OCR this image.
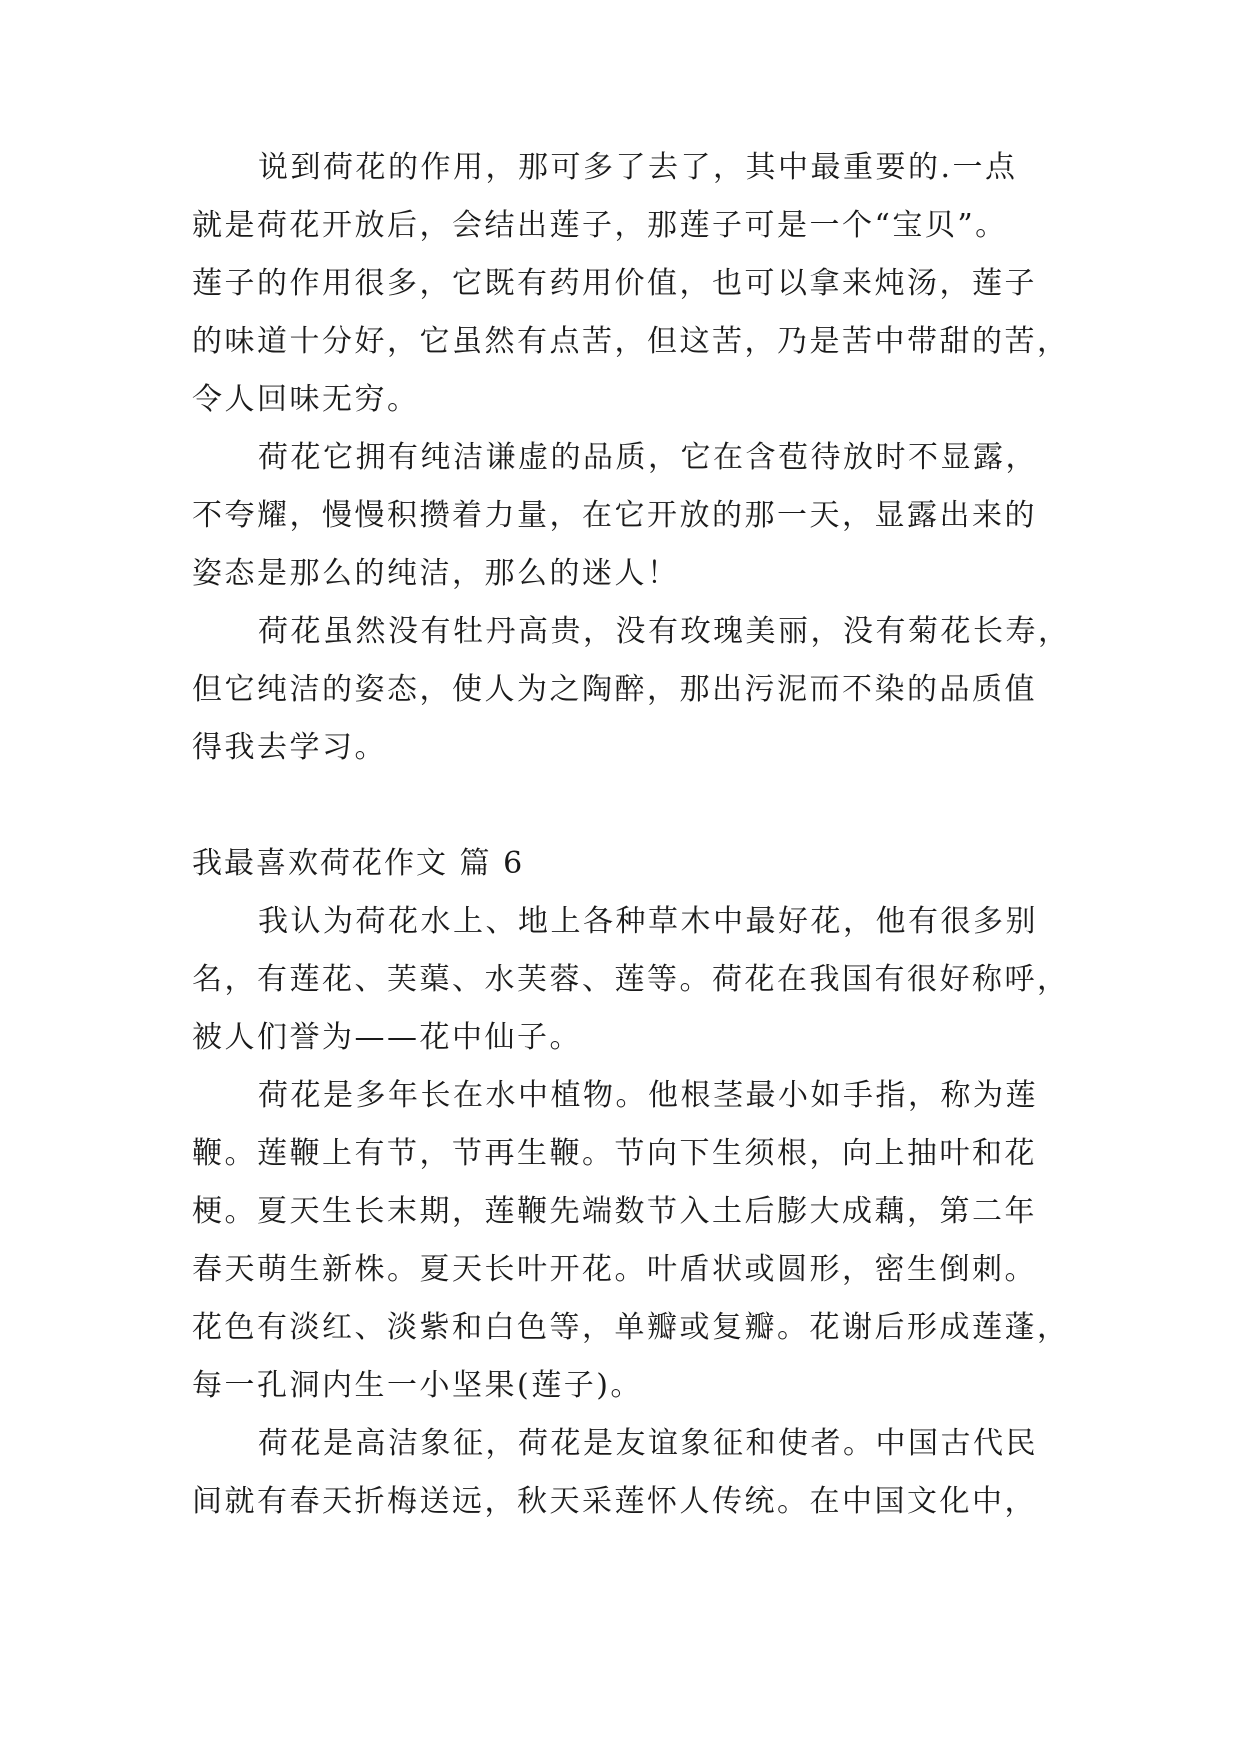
说到荷花的作用，那可多了去了，其中最重要的.一点
就是荷花开放后，会结出莲子，那莲子可是一个“宝贝”。
莲子的作用很多，它既有药用价值，也可以拿来炖汤，莲子
的味道十分好，它虽然有点苦，但这苦，乃是苦中带甜的苦，
令人回味无穷。
荷花它拥有纯洁谦虚的品质，它在含苞待放时不显露，
不夸耀，慢慢积攒着力量，在它开放的那一天，显露出来的
姿态是那么的纯洁，那么的迷人！
荷花虽然没有牡丹高贵，没有玫瑰美丽，没有菊花长寿，
但它纯洁的姿态，使人为之陶醉，那出污泥而不染的品质值
得我去学习。
我最喜欢荷花作文 篇 6
我认为荷花水上、地上各种草木中最好花，他有很多别
名，有莲花、芙蕖、水芙蓉、莲等。荷花在我国有很好称呼，
被人们誉为——花中仙子。
荷花是多年长在水中植物。他根茎最小如手指，称为莲
鞭。莲鞭上有节，节再生鞭。节向下生须根，向上抽叶和花
梗。夏天生长末期，莲鞭先端数节入土后膨大成藕，第二年
春天萌生新株。夏天长叶开花。叶盾状或圆形，密生倒刺。
花色有淡红、淡紫和白色等，单瓣或复瓣。花谢后形成莲蓬，
每一孔洞内生一小坚果(莲子)。
荷花是高洁象征，荷花是友谊象征和使者。中国古代民
间就有春天折梅送远，秋天采莲怀人传统。在中国文化中，
